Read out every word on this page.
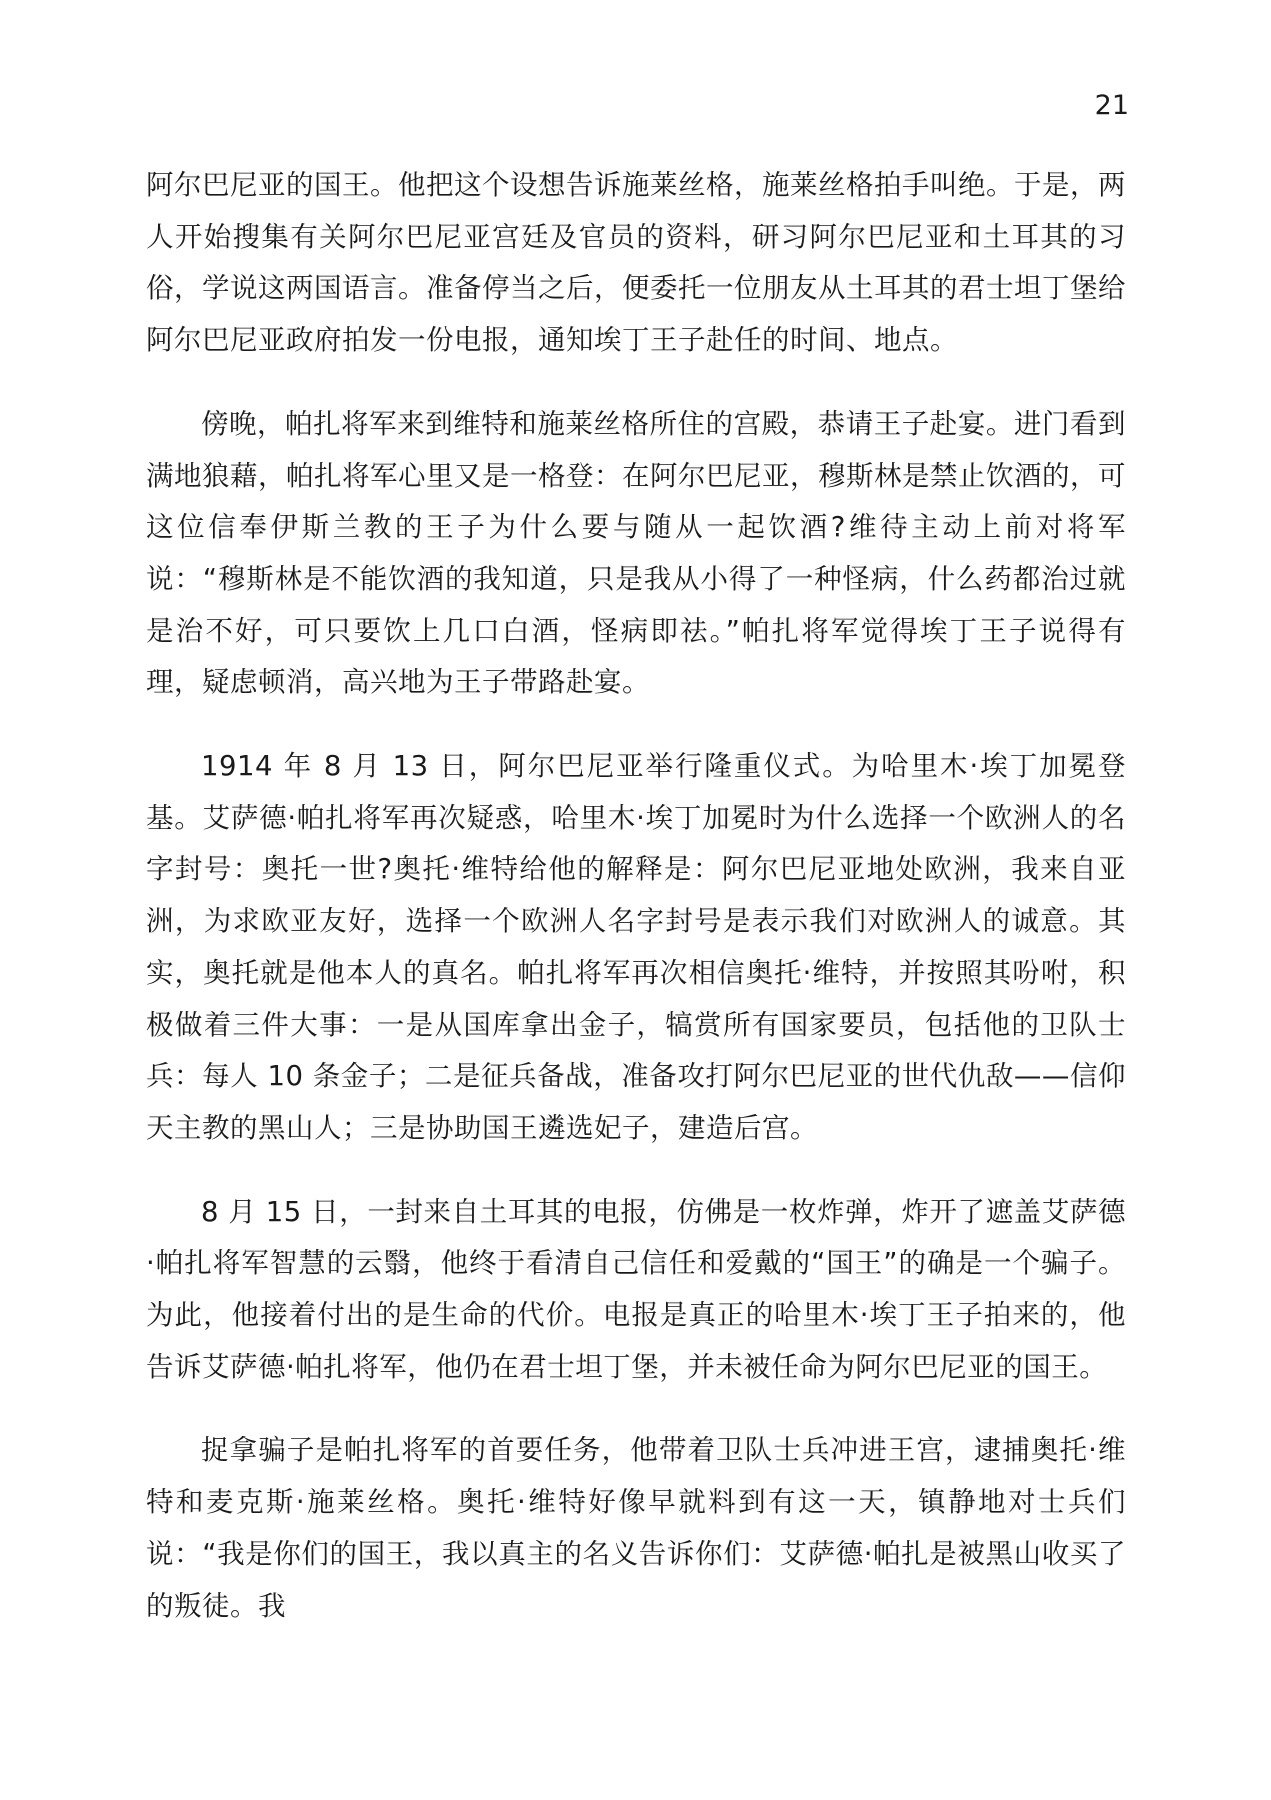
21

阿尔巴尼亚的国王。他把这个设想告诉施莱丝格，施莱丝格拍手叫绝。于是，两人开始搜集有关阿尔巴尼亚宫廷及官员的资料，研习阿尔巴尼亚和土耳其的习俗，学说这两国语言。准备停当之后，便委托一位朋友从土耳其的君士坦丁堡给阿尔巴尼亚政府拍发一份电报，通知埃丁王子赴任的时间、地点。

傍晚，帕扎将军来到维特和施莱丝格所住的宫殿，恭请王子赴宴。进门看到满地狼藉，帕扎将军心里又是一格登：在阿尔巴尼亚，穆斯林是禁止饮酒的，可这位信奉伊斯兰教的王子为什么要与随从一起饮酒?维待主动上前对将军说：“穆斯林是不能饮酒的我知道，只是我从小得了一种怪病，什么药都治过就是治不好，可只要饮上几口白酒，怪病即祛。”帕扎将军觉得埃丁王子说得有理，疑虑顿消，高兴地为王子带路赴宴。

1914 年 8 月 13 日，阿尔巴尼亚举行隆重仪式。为哈里木·埃丁加冕登基。艾萨德·帕扎将军再次疑惑，哈里木·埃丁加冕时为什么选择一个欧洲人的名字封号：奥托一世?奥托·维特给他的解释是：阿尔巴尼亚地处欧洲，我来自亚洲，为求欧亚友好，选择一个欧洲人名字封号是表示我们对欧洲人的诚意。其实，奥托就是他本人的真名。帕扎将军再次相信奥托·维特，并按照其吩咐，积极做着三件大事：一是从国库拿出金子，犒赏所有国家要员，包括他的卫队士兵：每人 10 条金子；二是征兵备战，准备攻打阿尔巴尼亚的世代仇敌——信仰天主教的黑山人；三是协助国王遴选妃子，建造后宫。

8 月 15 日，一封来自土耳其的电报，仿佛是一枚炸弹，炸开了遮盖艾萨德·帕扎将军智慧的云翳，他终于看清自己信任和爱戴的“国王”的确是一个骗子。为此，他接着付出的是生命的代价。电报是真正的哈里木·埃丁王子拍来的，他告诉艾萨德·帕扎将军，他仍在君士坦丁堡，并未被任命为阿尔巴尼亚的国王。

捉拿骗子是帕扎将军的首要任务，他带着卫队士兵冲进王宫，逮捕奥托·维特和麦克斯·施莱丝格。奥托·维特好像早就料到有这一天，镇静地对士兵们说：“我是你们的国王，我以真主的名义告诉你们：艾萨德·帕扎是被黑山收买了的叛徒。我
